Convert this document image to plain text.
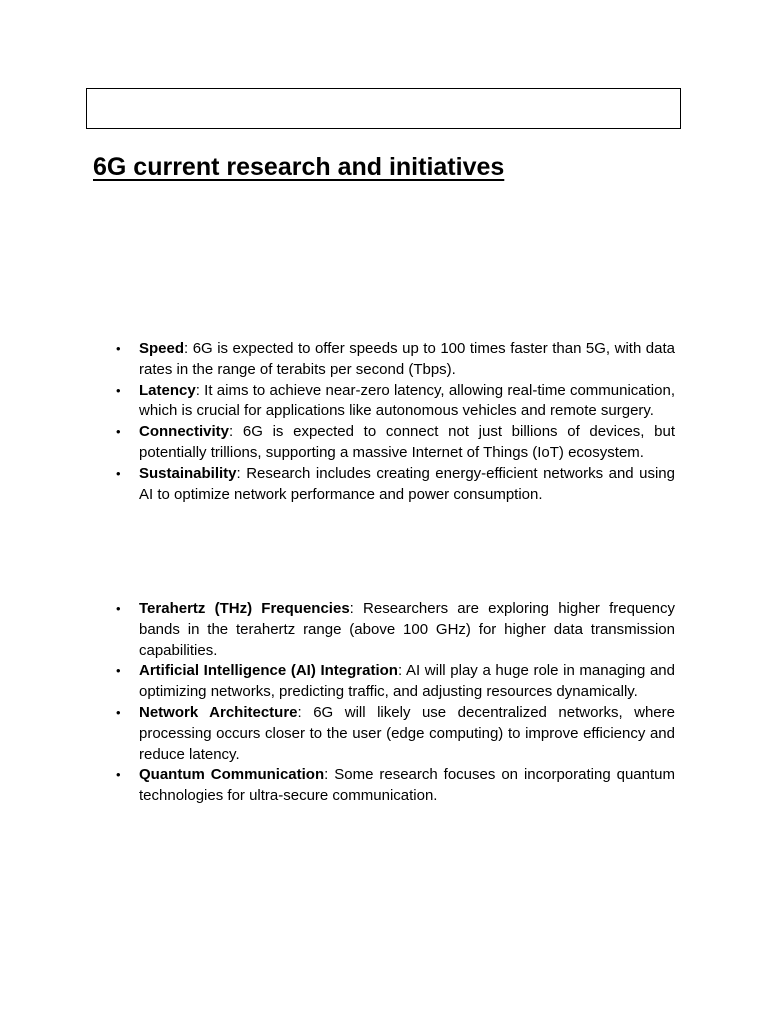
6G current research and initiatives
• Speed: 6G is expected to offer speeds up to 100 times faster than 5G, with data rates in the range of terabits per second (Tbps).
• Latency: It aims to achieve near-zero latency, allowing real-time communication, which is crucial for applications like autonomous vehicles and remote surgery.
• Connectivity: 6G is expected to connect not just billions of devices, but potentially trillions, supporting a massive Internet of Things (IoT) ecosystem.
• Sustainability: Research includes creating energy-efficient networks and using AI to optimize network performance and power consumption.
• Terahertz (THz) Frequencies: Researchers are exploring higher frequency bands in the terahertz range (above 100 GHz) for higher data transmission capabilities.
• Artificial Intelligence (AI) Integration: AI will play a huge role in managing and optimizing networks, predicting traffic, and adjusting resources dynamically.
• Network Architecture: 6G will likely use decentralized networks, where processing occurs closer to the user (edge computing) to improve efficiency and reduce latency.
• Quantum Communication: Some research focuses on incorporating quantum technologies for ultra-secure communication.
